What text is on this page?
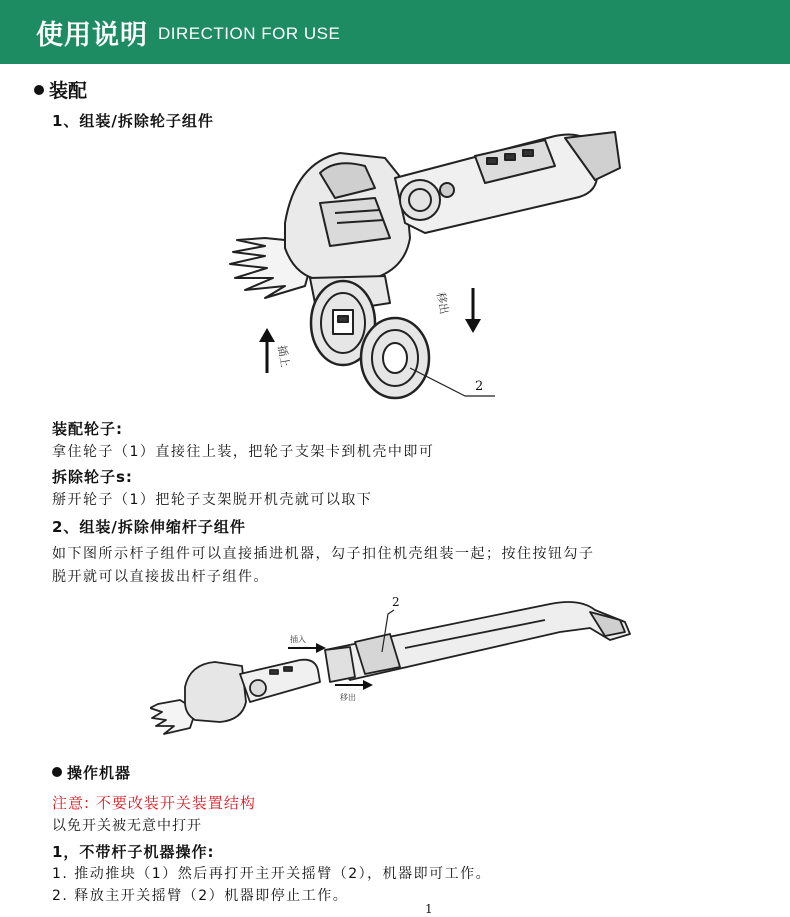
使用说明 DIRECTION FOR USE
装配
1、组装/拆除轮子组件
插上
移出
2
装配轮子:
拿住轮子（1）直接往上装，把轮子支架卡到机壳中即可
拆除轮子s:
掰开轮子（1）把轮子支架脱开机壳就可以取下
2、组装/拆除伸缩杆子组件
如下图所示杆子组件可以直接插进机器，勾子扣住机壳组装一起；按住按钮勾子
脱开就可以直接拔出杆子组件。
插入
移出
2
操作机器
注意: 不要改装开关装置结构
以免开关被无意中打开
1，不带杆子机器操作:
1. 推动推块（1）然后再打开主开关摇臂（2），机器即可工作。
2. 释放主开关摇臂（2）机器即停止工作。
1
